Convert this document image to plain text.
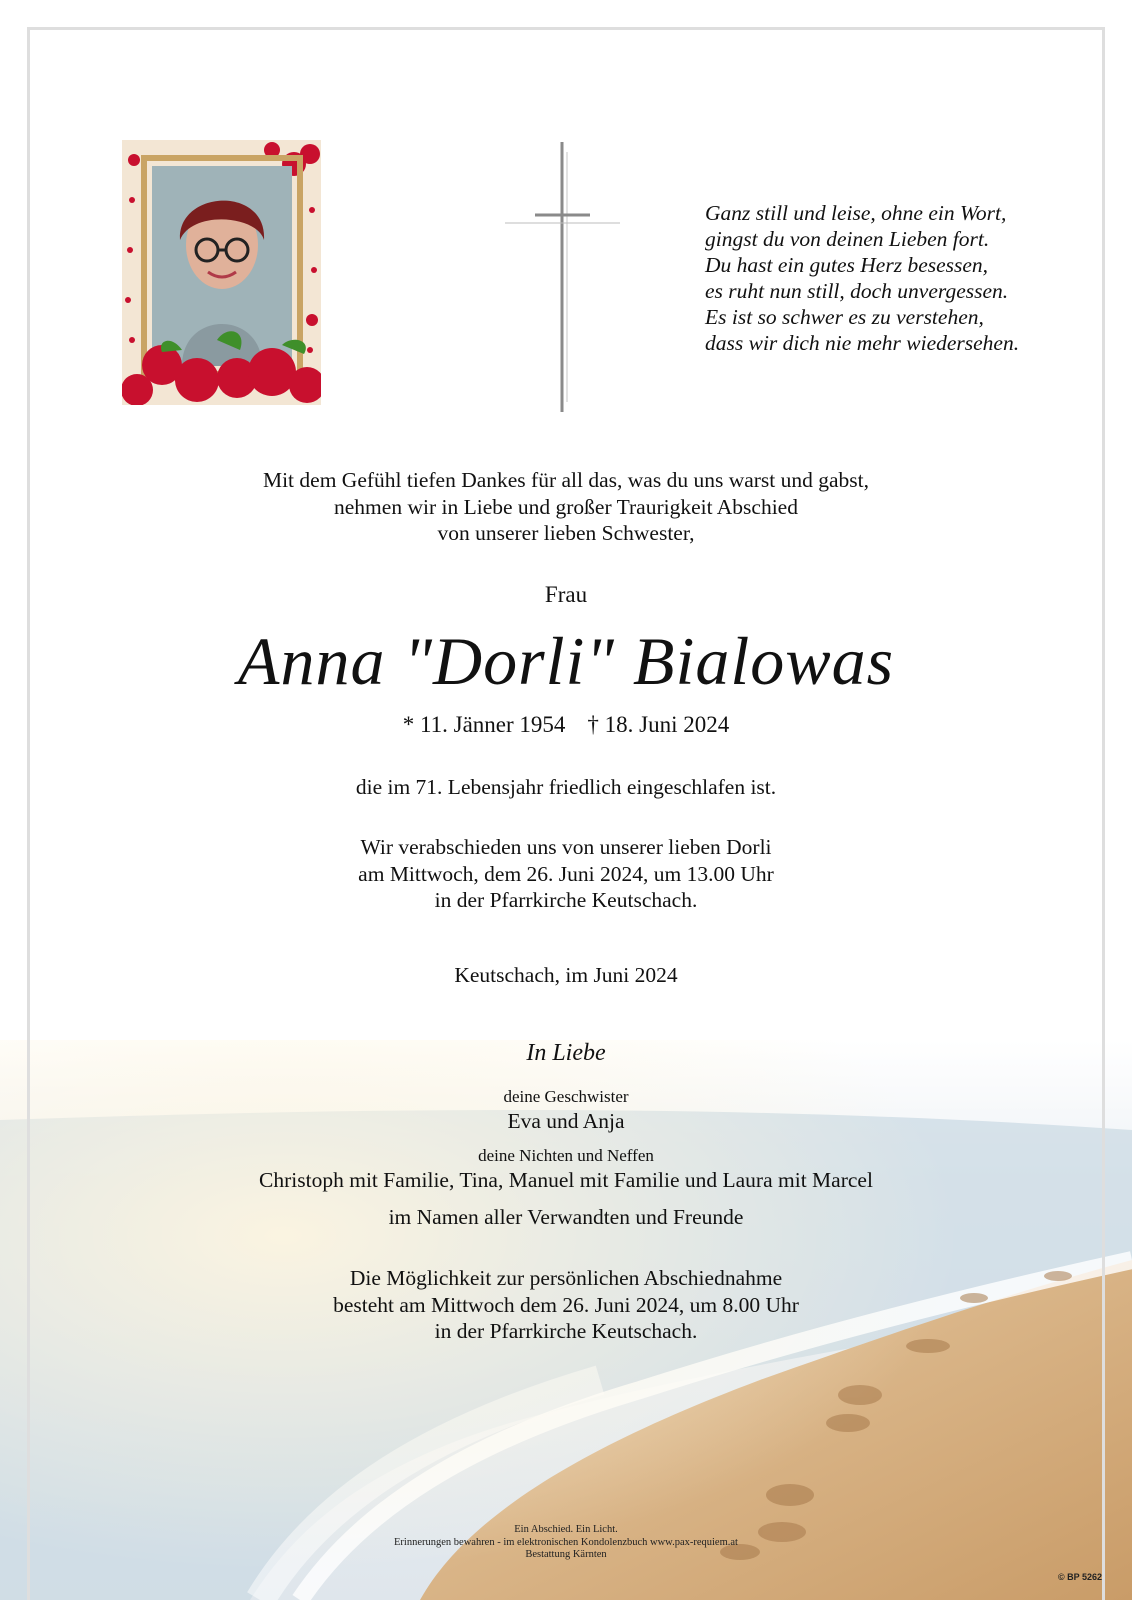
Ganz still und leise, ohne ein Wort,
gingst du von deinen Lieben fort.
Du hast ein gutes Herz besessen,
es ruht nun still, doch unvergessen.
Es ist so schwer es zu verstehen,
dass wir dich nie mehr wiedersehen.
Mit dem Gefühl tiefen Dankes für all das, was du uns warst und gabst,
nehmen wir in Liebe und großer Traurigkeit Abschied
von unserer lieben Schwester,
Frau
Anna "Dorli" Bialowas
* 11. Jänner 1954 † 18. Juni 2024
die im 71. Lebensjahr friedlich eingeschlafen ist.
Wir verabschieden uns von unserer lieben Dorli
am Mittwoch, dem 26. Juni 2024, um 13.00 Uhr
in der Pfarrkirche Keutschach.
Keutschach, im Juni 2024
In Liebe
deine Geschwister
Eva und Anja
deine Nichten und Neffen
Christoph mit Familie, Tina, Manuel mit Familie und Laura mit Marcel
im Namen aller Verwandten und Freunde
Die Möglichkeit zur persönlichen Abschiednahme
besteht am Mittwoch dem 26. Juni 2024, um 8.00 Uhr
in der Pfarrkirche Keutschach.
Ein Abschied. Ein Licht.
Erinnerungen bewahren - im elektronischen Kondolenzbuch www.pax-requiem.at
Bestattung Kärnten
© BP 5262
